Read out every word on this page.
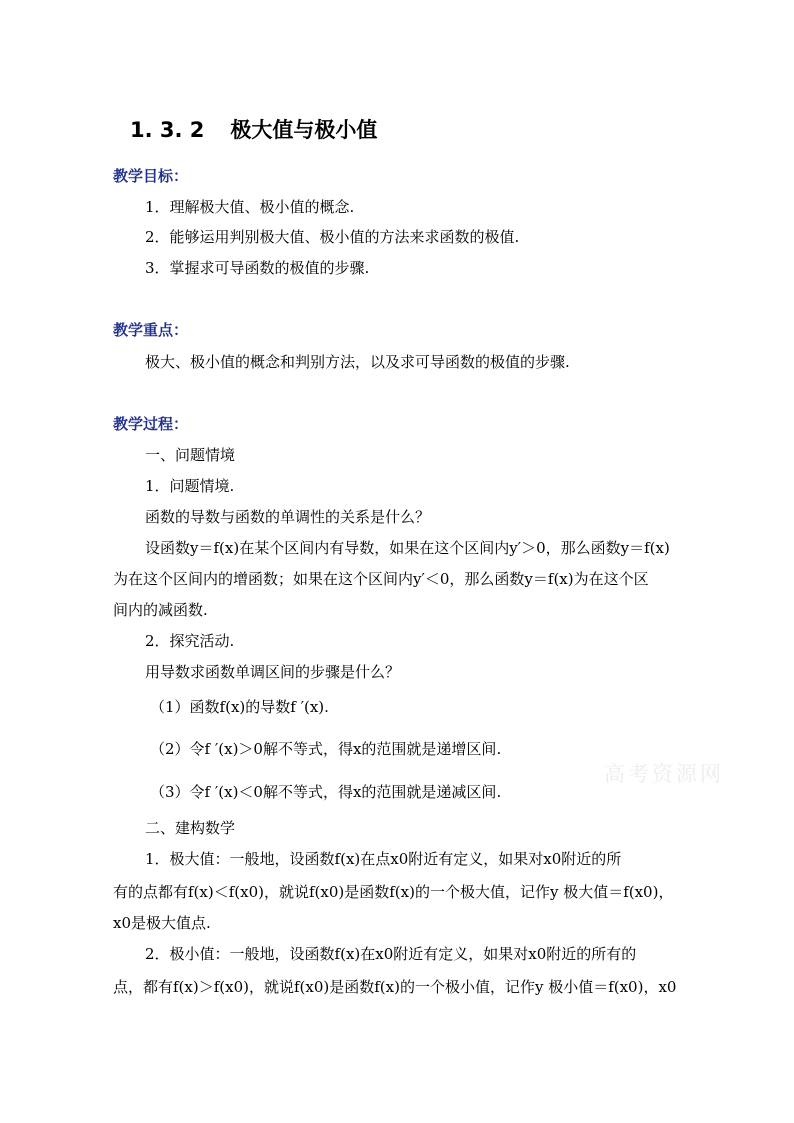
1. 3. 2 极大值与极小值
教学目标：
1．理解极大值、极小值的概念.
2．能够运用判别极大值、极小值的方法来求函数的极值.
3．掌握求可导函数的极值的步骤.
教学重点：
极大、极小值的概念和判别方法，以及求可导函数的极值的步骤.
教学过程：
一、问题情境
1．问题情境.
函数的导数与函数的单调性的关系是什么？
设函数y＝f(x)在某个区间内有导数，如果在这个区间内y′＞0，那么函数y＝f(x)
为在这个区间内的增函数；如果在这个区间内y′＜0，那么函数y＝f(x)为在这个区
间内的减函数.
2．探究活动.
用导数求函数单调区间的步骤是什么？
（1）函数f(x)的导数f ′(x).
（2）令f ′(x)＞0解不等式，得x的范围就是递增区间.
（3）令f ′(x)＜0解不等式，得x的范围就是递减区间.
二、建构数学
1．极大值：一般地，设函数f(x)在点x0附近有定义，如果对x0附近的所
有的点都有f(x)＜f(x0)，就说f(x0)是函数f(x)的一个极大值，记作y 极大值＝f(x0)，
x0是极大值点.
2．极小值：一般地，设函数f(x)在x0附近有定义，如果对x0附近的所有的
点，都有f(x)＞f(x0)，就说f(x0)是函数f(x)的一个极小值，记作y 极小值＝f(x0)，x0
高考资源网
